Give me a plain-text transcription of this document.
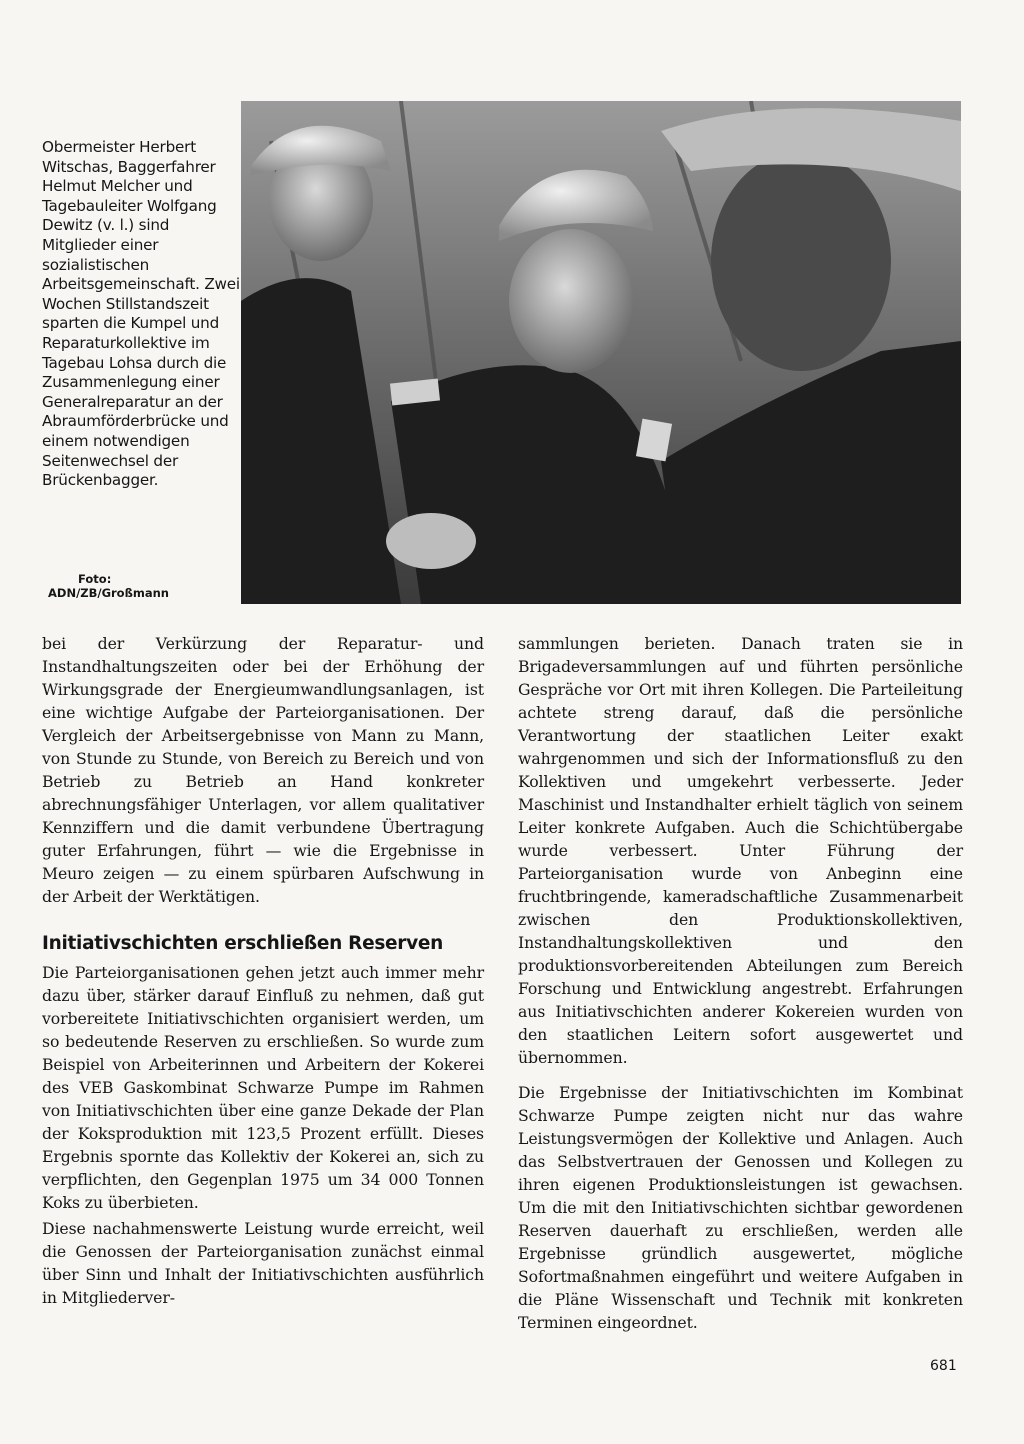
Obermeister Herbert Witschas, Baggerfahrer Helmut Melcher und Tagebauleiter Wolfgang Dewitz (v. l.) sind Mitglieder einer sozialistischen Arbeitsgemeinschaft. Zwei Wochen Stillstandszeit sparten die Kumpel und Reparaturkollektive im Tagebau Lohsa durch die Zusammenlegung einer Generalreparatur an der Abraumförderbrücke und einem notwendigen Seitenwechsel der Brückenbagger.

Foto:
ADN/ZB/Großmann

bei der Verkürzung der Reparatur- und Instandhaltungszeiten oder bei der Erhöhung der Wirkungsgrade der Energieumwandlungsanlagen, ist eine wichtige Aufgabe der Parteiorganisationen. Der Vergleich der Arbeitsergebnisse von Mann zu Mann, von Stunde zu Stunde, von Bereich zu Bereich und von Betrieb zu Betrieb an Hand konkreter abrechnungsfähiger Unterlagen, vor allem qualitativer Kennziffern und die damit verbundene Übertragung guter Erfahrungen, führt — wie die Ergebnisse in Meuro zeigen — zu einem spürbaren Aufschwung in der Arbeit der Werktätigen.

Initiativschichten erschließen Reserven

Die Parteiorganisationen gehen jetzt auch immer mehr dazu über, stärker darauf Einfluß zu nehmen, daß gut vorbereitete Initiativschichten organisiert werden, um so bedeutende Reserven zu erschließen. So wurde zum Beispiel von Arbeiterinnen und Arbeitern der Kokerei des VEB Gaskombinat Schwarze Pumpe im Rahmen von Initiativschichten über eine ganze Dekade der Plan der Koksproduktion mit 123,5 Prozent erfüllt. Dieses Ergebnis spornte das Kollektiv der Kokerei an, sich zu verpflichten, den Gegenplan 1975 um 34 000 Tonnen Koks zu überbieten.

Diese nachahmenswerte Leistung wurde erreicht, weil die Genossen der Parteiorganisation zunächst einmal über Sinn und Inhalt der Initiativschichten ausführlich in Mitgliederver-

sammlungen berieten. Danach traten sie in Brigadeversammlungen auf und führten persönliche Gespräche vor Ort mit ihren Kollegen. Die Parteileitung achtete streng darauf, daß die persönliche Verantwortung der staatlichen Leiter exakt wahrgenommen und sich der Informationsfluß zu den Kollektiven und umgekehrt verbesserte. Jeder Maschinist und Instandhalter erhielt täglich von seinem Leiter konkrete Aufgaben. Auch die Schichtübergabe wurde verbessert. Unter Führung der Parteiorganisation wurde von Anbeginn eine fruchtbringende, kameradschaftliche Zusammenarbeit zwischen den Produktionskollektiven, Instandhaltungskollektiven und den produktionsvorbereitenden Abteilungen zum Bereich Forschung und Entwicklung angestrebt. Erfahrungen aus Initiativschichten anderer Kokereien wurden von den staatlichen Leitern sofort ausgewertet und übernommen.

Die Ergebnisse der Initiativschichten im Kombinat Schwarze Pumpe zeigten nicht nur das wahre Leistungsvermögen der Kollektive und Anlagen. Auch das Selbstvertrauen der Genossen und Kollegen zu ihren eigenen Produktionsleistungen ist gewachsen. Um die mit den Initiativschichten sichtbar gewordenen Reserven dauerhaft zu erschließen, werden alle Ergebnisse gründlich ausgewertet, mögliche Sofortmaßnahmen eingeführt und weitere Aufgaben in die Pläne Wissenschaft und Technik mit konkreten Terminen eingeordnet.

681
